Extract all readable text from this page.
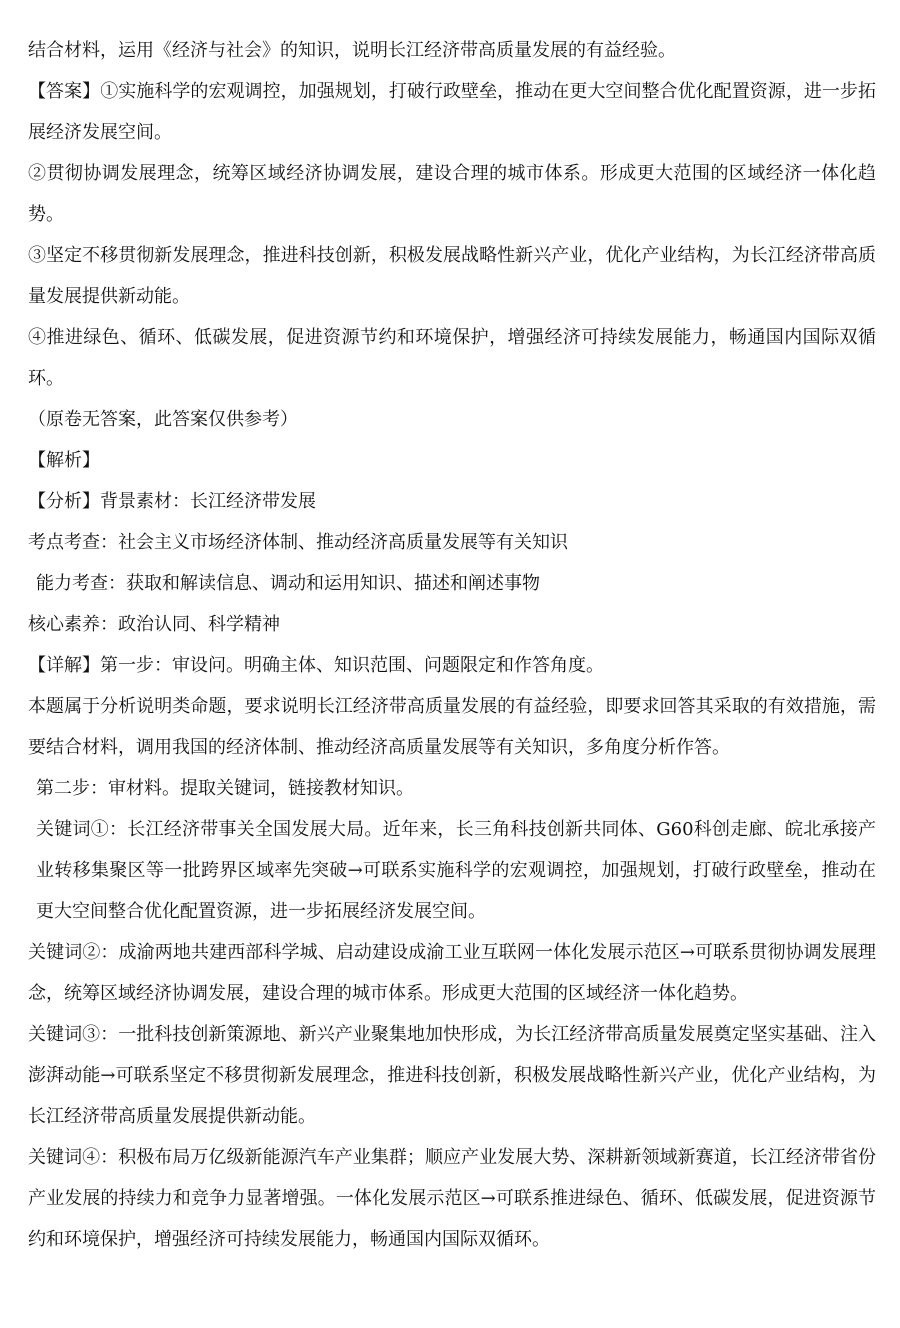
结合材料，运用《经济与社会》的知识，说明长江经济带高质量发展的有益经验。

【答案】①实施科学的宏观调控，加强规划，打破行政壁垒，推动在更大空间整合优化配置资源，进一步拓展经济发展空间。

②贯彻协调发展理念，统筹区域经济协调发展，建设合理的城市体系。形成更大范围的区域经济一体化趋势。

③坚定不移贯彻新发展理念，推进科技创新，积极发展战略性新兴产业，优化产业结构，为长江经济带高质量发展提供新动能。

④推进绿色、循环、低碳发展，促进资源节约和环境保护，增强经济可持续发展能力，畅通国内国际双循环。

（原卷无答案，此答案仅供参考）

【解析】

【分析】背景素材：长江经济带发展

考点考查：社会主义市场经济体制、推动经济高质量发展等有关知识

能力考查：获取和解读信息、调动和运用知识、描述和阐述事物

核心素养：政治认同、科学精神

【详解】第一步：审设问。明确主体、知识范围、问题限定和作答角度。

本题属于分析说明类命题，要求说明长江经济带高质量发展的有益经验，即要求回答其采取的有效措施，需要结合材料，调用我国的经济体制、推动经济高质量发展等有关知识，多角度分析作答。

第二步：审材料。提取关键词，链接教材知识。

关键词①：长江经济带事关全国发展大局。近年来，长三角科技创新共同体、G60科创走廊、皖北承接产业转移集聚区等一批跨界区域率先突破→可联系实施科学的宏观调控，加强规划，打破行政壁垒，推动在更大空间整合优化配置资源，进一步拓展经济发展空间。

关键词②：成渝两地共建西部科学城、启动建设成渝工业互联网一体化发展示范区→可联系贯彻协调发展理念，统筹区域经济协调发展，建设合理的城市体系。形成更大范围的区域经济一体化趋势。

关键词③：一批科技创新策源地、新兴产业聚集地加快形成，为长江经济带高质量发展奠定坚实基础、注入澎湃动能→可联系坚定不移贯彻新发展理念，推进科技创新，积极发展战略性新兴产业，优化产业结构，为长江经济带高质量发展提供新动能。

关键词④：积极布局万亿级新能源汽车产业集群；顺应产业发展大势、深耕新领域新赛道，长江经济带省份产业发展的持续力和竞争力显著增强。一体化发展示范区→可联系推进绿色、循环、低碳发展，促进资源节约和环境保护，增强经济可持续发展能力，畅通国内国际双循环。
